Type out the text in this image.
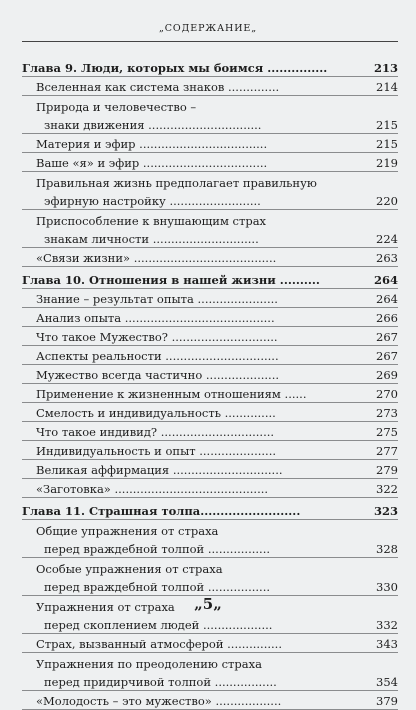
„СОДЕРЖАНИЕ„
Глава 9. Люди, которых мы боимся ...............	213
Вселенная как система знаков ..............	214
Природа и человечество –
знаки движения ...............................	215
Материя и эфир ...................................	215
Ваше «я» и эфир ..................................	219
Правильная жизнь предполагает правильную
эфирную настройку .........................	220
Приспособление к внушающим страх
знакам личности .............................	224
«Связи жизни» .......................................	263
Глава 10. Отношения в нашей жизни ..........	264
Знание – результат опыта ......................	264
Анализ опыта .........................................	266
Что такое Мужество? .............................	267
Аспекты реальности ...............................	267
Мужество всегда частично ....................	269
Применение к жизненным отношениям ......	270
Смелость и индивидуальность ..............	273
Что такое индивид? ...............................	275
Индивидуальность и опыт .....................	277
Великая аффирмация ..............................	279
«Заготовка» ..........................................	322
Глава 11. Страшная толпа.........................	323
Общие упражнения от страха
перед враждебной толпой .................	328
Особые упражнения от страха
перед враждебной толпой .................	330
Упражнения от страха
перед скоплением людей ...................	332
Страх, вызванный атмосферой ...............	343
Упражнения по преодолению страха
перед придирчивой толпой .................	354
«Молодость – это мужество» ..................	379
„5„
